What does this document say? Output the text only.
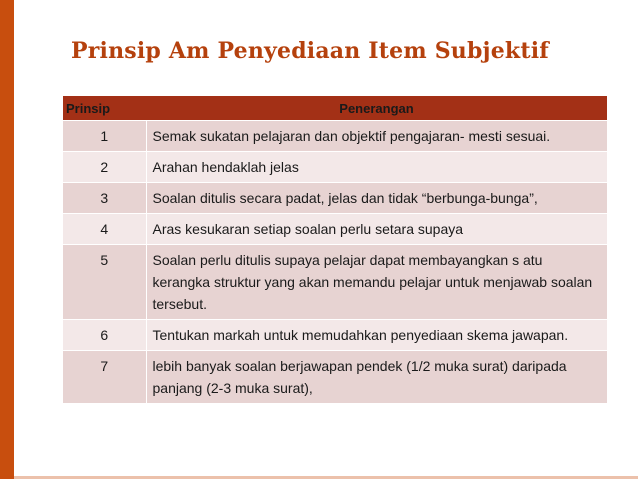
Prinsip Am Penyediaan Item Subjektif
Prinsip	Penerangan
1	Semak sukatan pelajaran dan objektif pengajaran- mesti sesuai.
2	Arahan hendaklah jelas
3	Soalan ditulis secara padat, jelas dan tidak “berbunga-bunga”,
4	Aras kesukaran setiap soalan perlu setara supaya
5	Soalan perlu ditulis supaya pelajar dapat membayangkan s atu kerangka struktur yang akan memandu pelajar untuk menjawab soalan tersebut.
6	Tentukan markah untuk memudahkan penyediaan skema jawapan.
7	lebih banyak soalan berjawapan pendek (1/2 muka surat) daripada panjang (2-3 muka surat),
